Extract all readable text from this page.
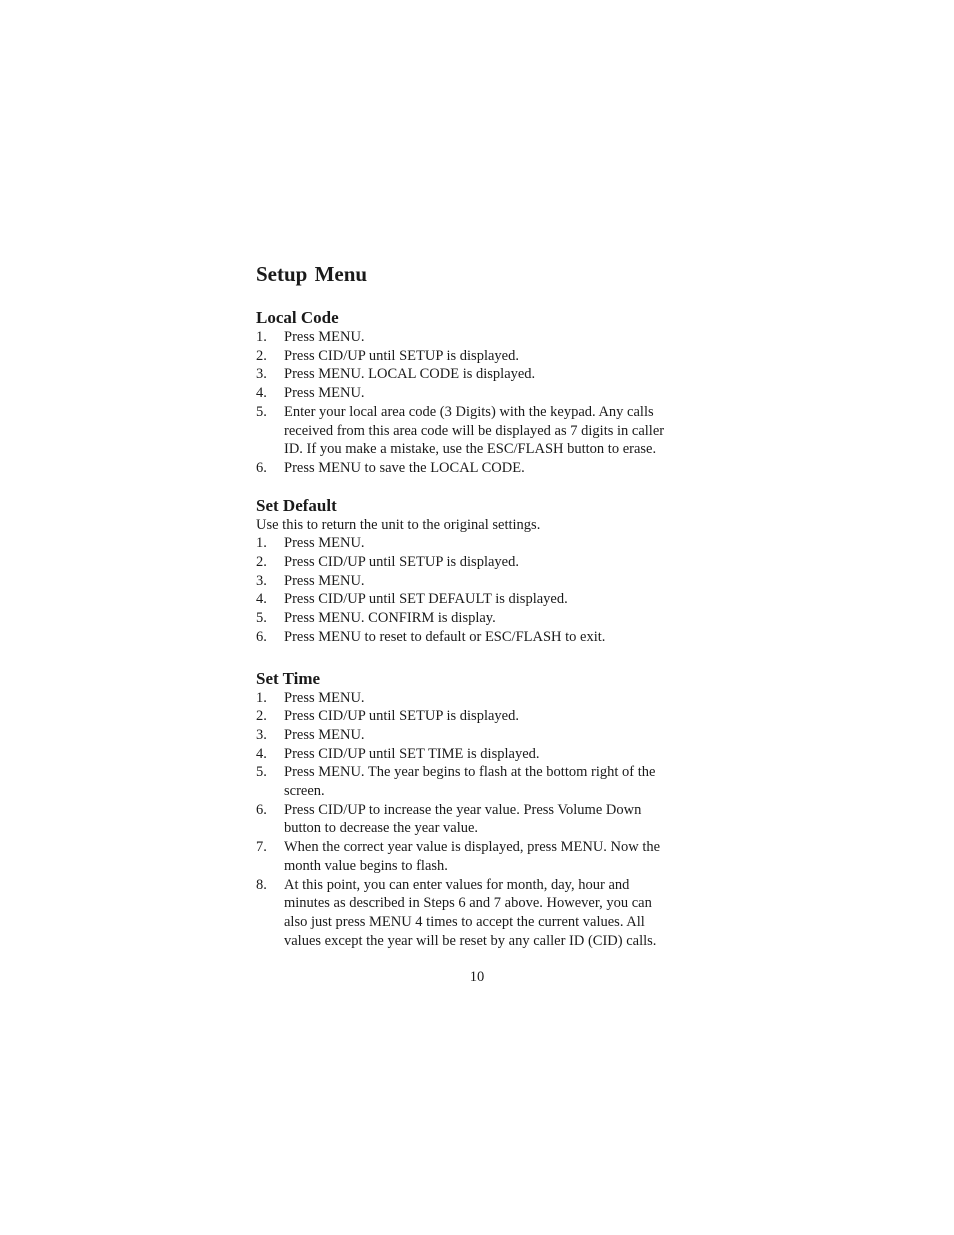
Setup Menu
Local Code
1.	Press MENU.
2.	Press CID/UP until SETUP is displayed.
3.	Press MENU. LOCAL CODE is displayed.
4.	Press MENU.
5.	Enter your local area code (3 Digits) with the keypad. Any calls
received from this area code will be displayed as 7 digits in caller
ID. If you make a mistake, use the ESC/FLASH button to erase.
6.	Press MENU to save the LOCAL CODE.
Set Default

Use this to return the unit to the original settings.

1.	Press MENU.
2.	Press CID/UP until SETUP is displayed.
3.	Press MENU.
4.	Press CID/UP until SET DEFAULT is displayed.
5.	Press MENU. CONFIRM is display.
6.	Press MENU to reset to default or ESC/FLASH to exit.
Set Time
1.	Press MENU.
2.	Press CID/UP until SETUP is displayed.
3.	Press MENU.
4.	Press CID/UP until SET TIME is displayed.
5.	Press MENU. The year begins to flash at the bottom right of the
screen.
6.	Press CID/UP to increase the year value. Press Volume Down
button to decrease the year value.
7.	When the correct year value is displayed, press MENU. Now the
month value begins to flash.
8.	At this point, you can enter values for month, day, hour and
minutes as described in Steps 6 and 7 above. However, you can
also just press MENU 4 times to accept the current values. All
values except the year will be reset by any caller ID (CID) calls.
10
